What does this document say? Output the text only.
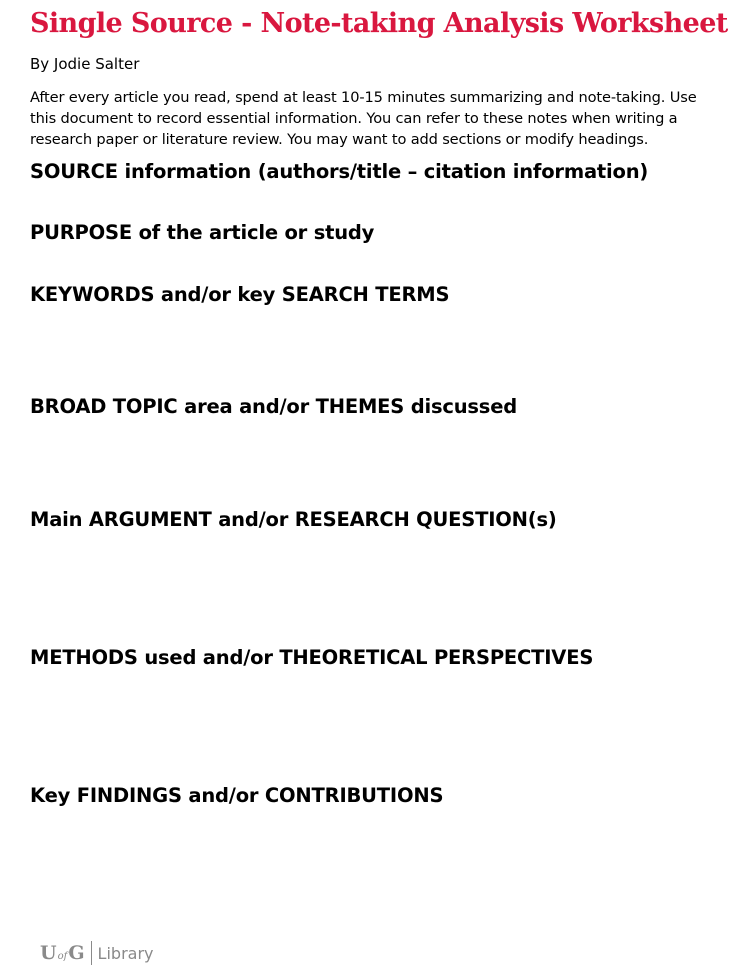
Single Source - Note-taking Analysis Worksheet
By Jodie Salter

After every article you read, spend at least 10-15 minutes summarizing and note-taking. Use this document to record essential information. You can refer to these notes when writing a research paper or literature review. You may want to add sections or modify headings.

SOURCE information (authors/title – citation information)
PURPOSE of the article or study
KEYWORDS and/or key SEARCH TERMS
BROAD TOPIC area and/or THEMES discussed
Main ARGUMENT and/or RESEARCH QUESTION(s)
METHODS used and/or THEORETICAL PERSPECTIVES
Key FINDINGS and/or CONTRIBUTIONS
U of G Library
